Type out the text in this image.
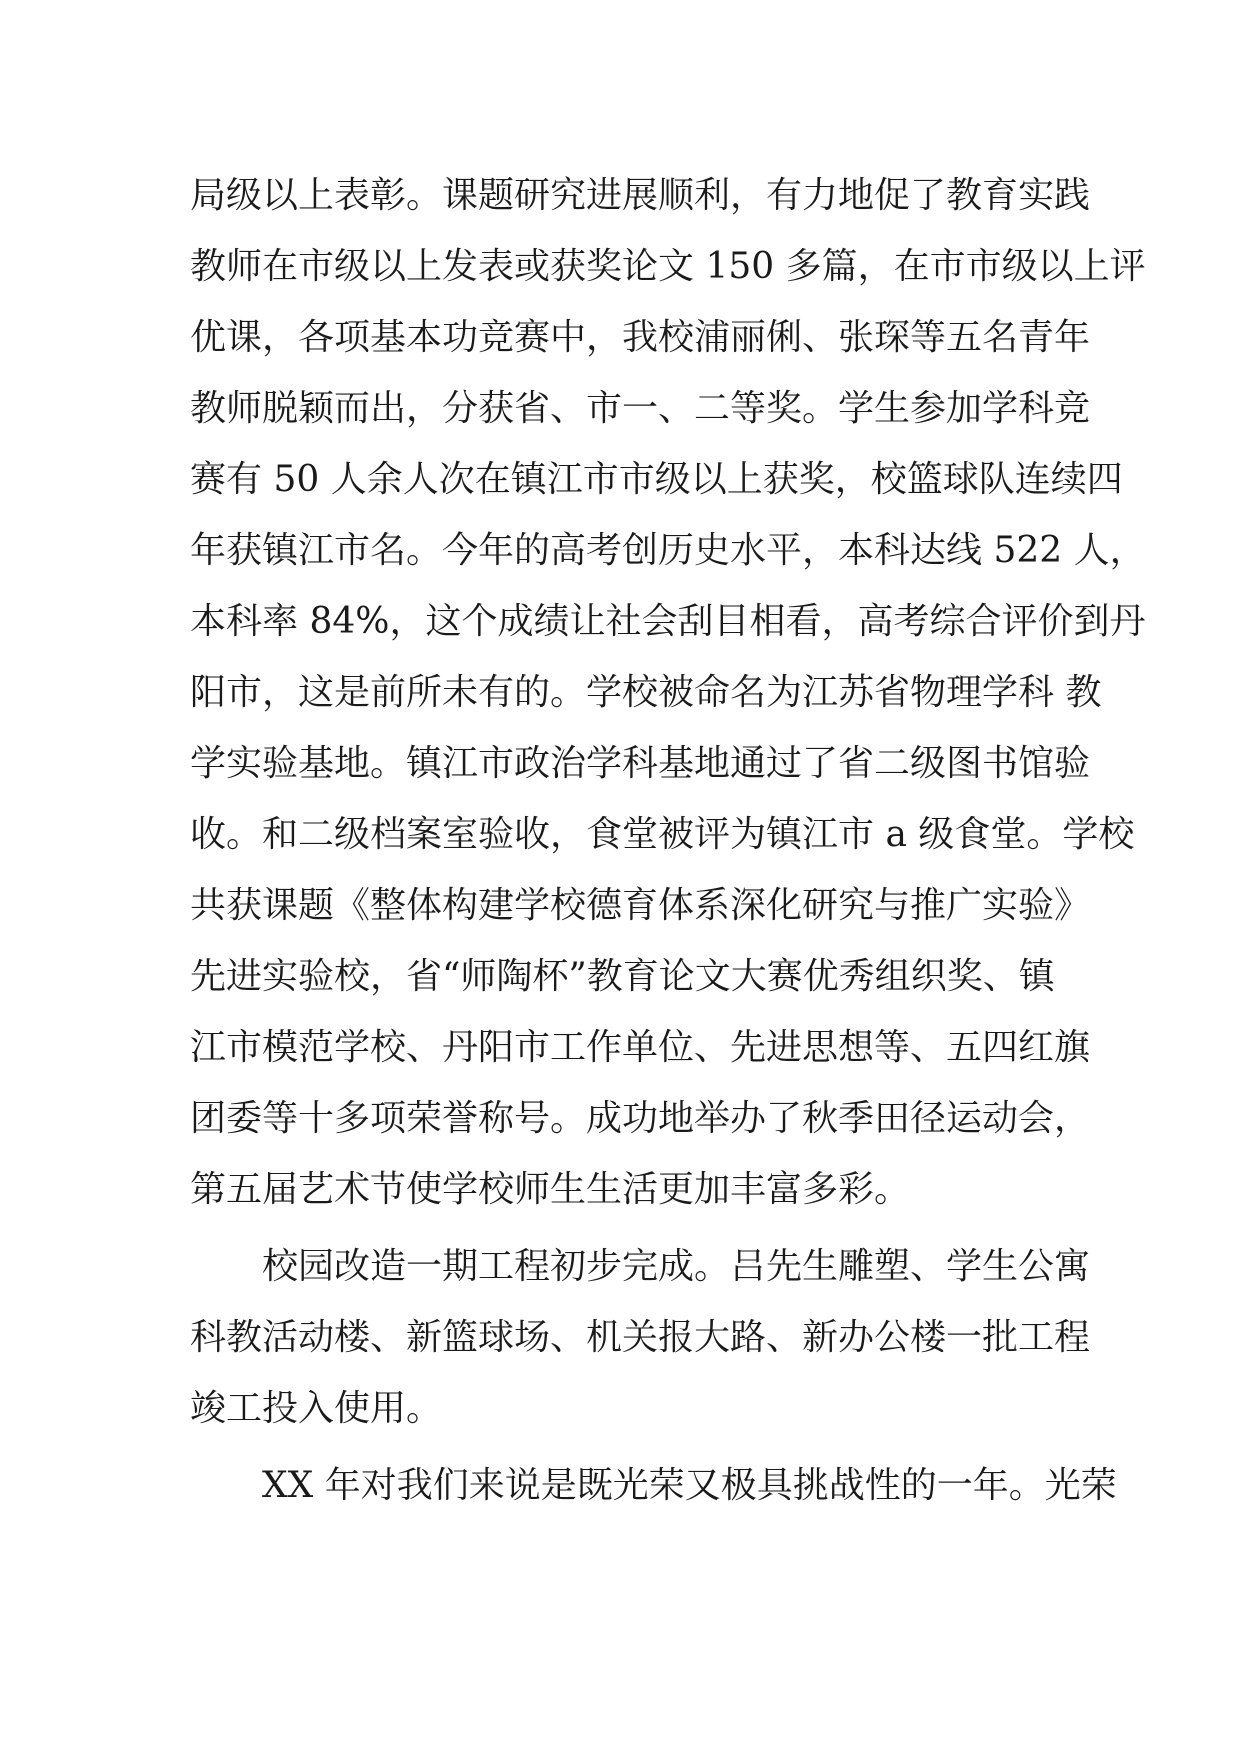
局级以上表彰。课题研究进展顺利，有力地促了教育实践
教师在市级以上发表或获奖论文 150 多篇，在市市级以上评
优课，各项基本功竞赛中，我校浦丽俐、张琛等五名青年
教师脱颖而出，分获省、市一、二等奖。学生参加学科竞
赛有 50 人余人次在镇江市市级以上获奖，校篮球队连续四
年获镇江市名。今年的高考创历史水平，本科达线 522 人，
本科率 84%，这个成绩让社会刮目相看，高考综合评价到丹
阳市，这是前所未有的。学校被命名为江苏省物理学科 教
学实验基地。镇江市政治学科基地通过了省二级图书馆验
收。和二级档案室验收，食堂被评为镇江市 a 级食堂。学校
共获课题《整体构建学校德育体系深化研究与推广实验》
先进实验校，省“师陶杯”教育论文大赛优秀组织奖、镇
江市模范学校、丹阳市工作单位、先进思想等、五四红旗
团委等十多项荣誉称号。成功地举办了秋季田径运动会，
第五届艺术节使学校师生生活更加丰富多彩。
校园改造一期工程初步完成。吕先生雕塑、学生公寓
科教活动楼、新篮球场、机关报大路、新办公楼一批工程
竣工投入使用。
XX 年对我们来说是既光荣又极具挑战性的一年。光荣
